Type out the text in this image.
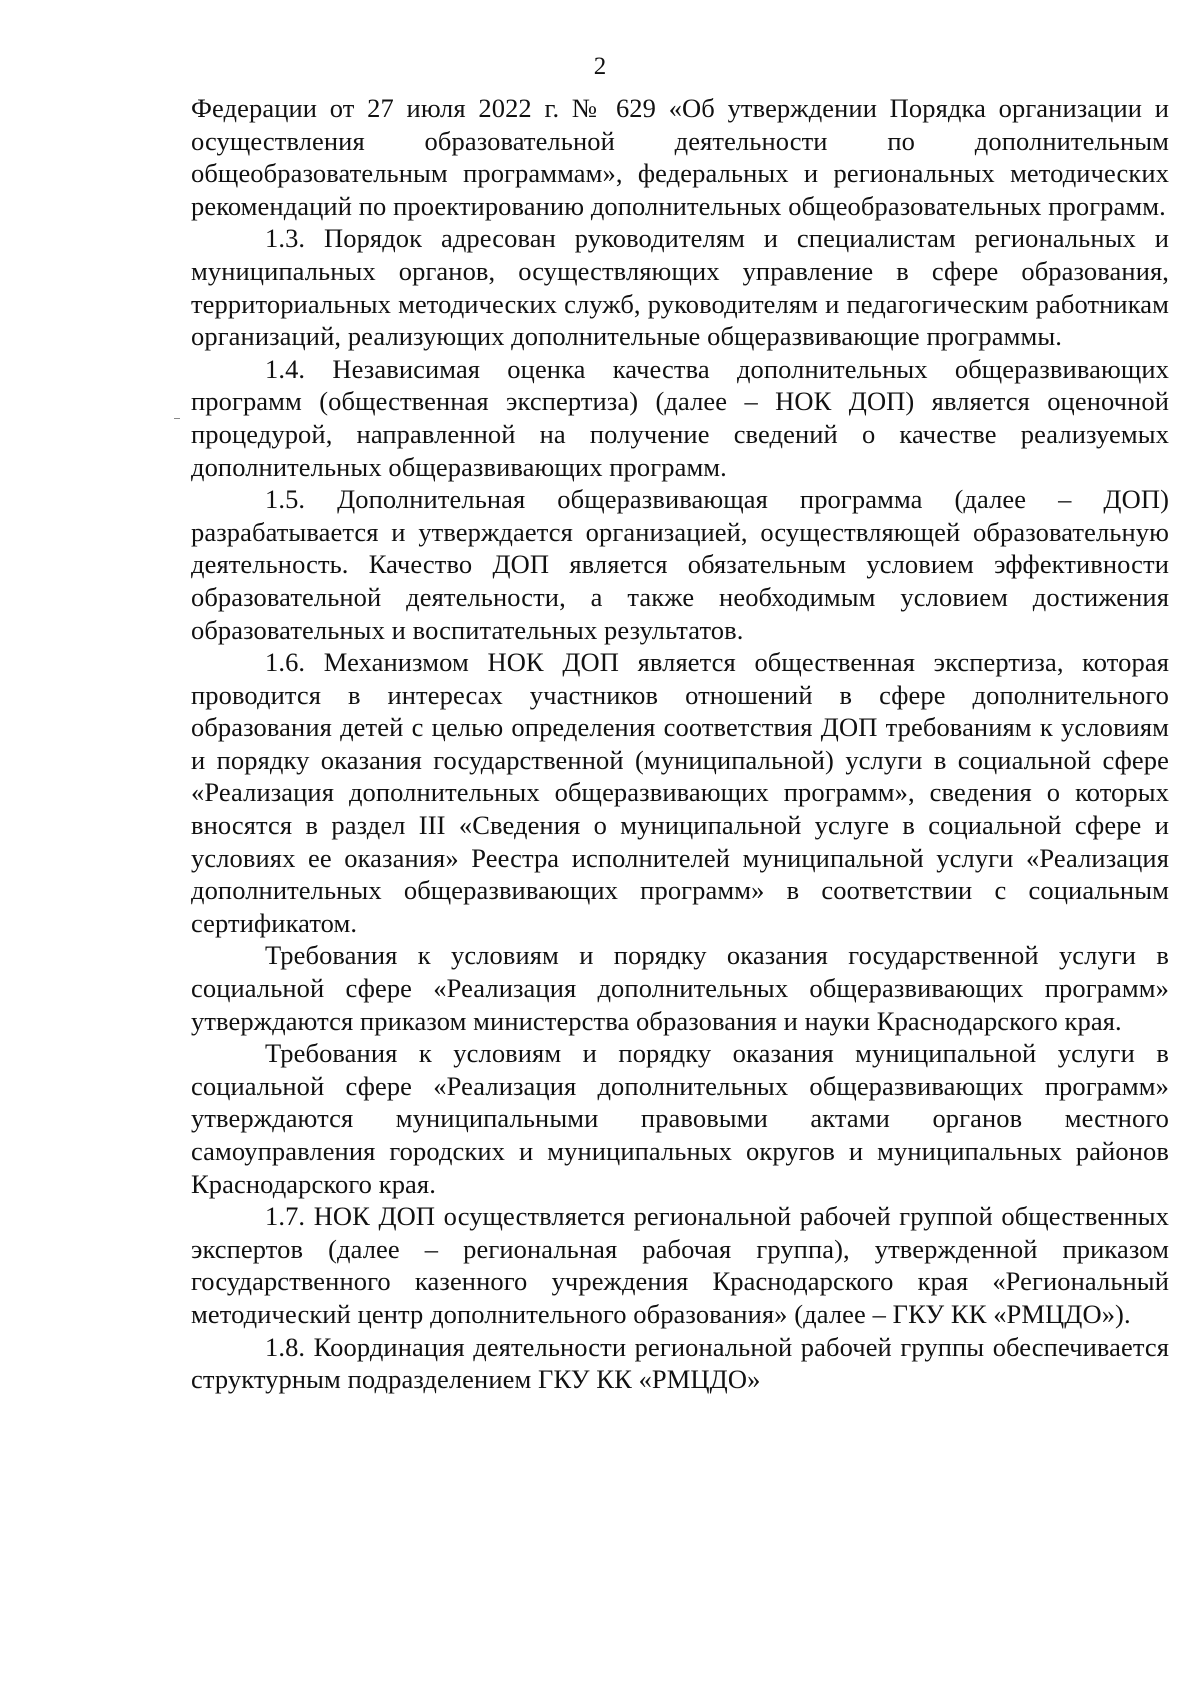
2

Федерации от 27 июля 2022 г. № 629 «Об утверждении Порядка организации и осуществления образовательной деятельности по дополнительным общеобразовательным программам», федеральных и региональных методических рекомендаций по проектированию дополнительных общеобразовательных программ.

1.3. Порядок адресован руководителям и специалистам региональных и муниципальных органов, осуществляющих управление в сфере образования, территориальных методических служб, руководителям и педагогическим работникам организаций, реализующих дополнительные общеразвивающие программы.

1.4. Независимая оценка качества дополнительных общеразвивающих программ (общественная экспертиза) (далее – НОК ДОП) является оценочной процедурой, направленной на получение сведений о качестве реализуемых дополнительных общеразвивающих программ.

1.5. Дополнительная общеразвивающая программа (далее – ДОП) разрабатывается и утверждается организацией, осуществляющей образовательную деятельность. Качество ДОП является обязательным условием эффективности образовательной деятельности, а также необходимым условием достижения образовательных и воспитательных результатов.

1.6. Механизмом НОК ДОП является общественная экспертиза, которая проводится в интересах участников отношений в сфере дополнительного образования детей с целью определения соответствия ДОП требованиям к условиям и порядку оказания государственной (муниципальной) услуги в социальной сфере «Реализация дополнительных общеразвивающих программ», сведения о которых вносятся в раздел III «Сведения о муниципальной услуге в социальной сфере и условиях ее оказания» Реестра исполнителей муниципальной услуги «Реализация дополнительных общеразвивающих программ» в соответствии с социальным сертификатом.

Требования к условиям и порядку оказания государственной услуги в социальной сфере «Реализация дополнительных общеразвивающих программ» утверждаются приказом министерства образования и науки Краснодарского края.

Требования к условиям и порядку оказания муниципальной услуги в социальной сфере «Реализация дополнительных общеразвивающих программ» утверждаются муниципальными правовыми актами органов местного самоуправления городских и муниципальных округов и муниципальных районов Краснодарского края.

1.7. НОК ДОП осуществляется региональной рабочей группой общественных экспертов (далее – региональная рабочая группа), утвержденной приказом государственного казенного учреждения Краснодарского края «Региональный методический центр дополнительного образования» (далее – ГКУ КК «РМЦДО»).

1.8. Координация деятельности региональной рабочей группы обеспечивается структурным подразделением ГКУ КК «РМЦДО»
